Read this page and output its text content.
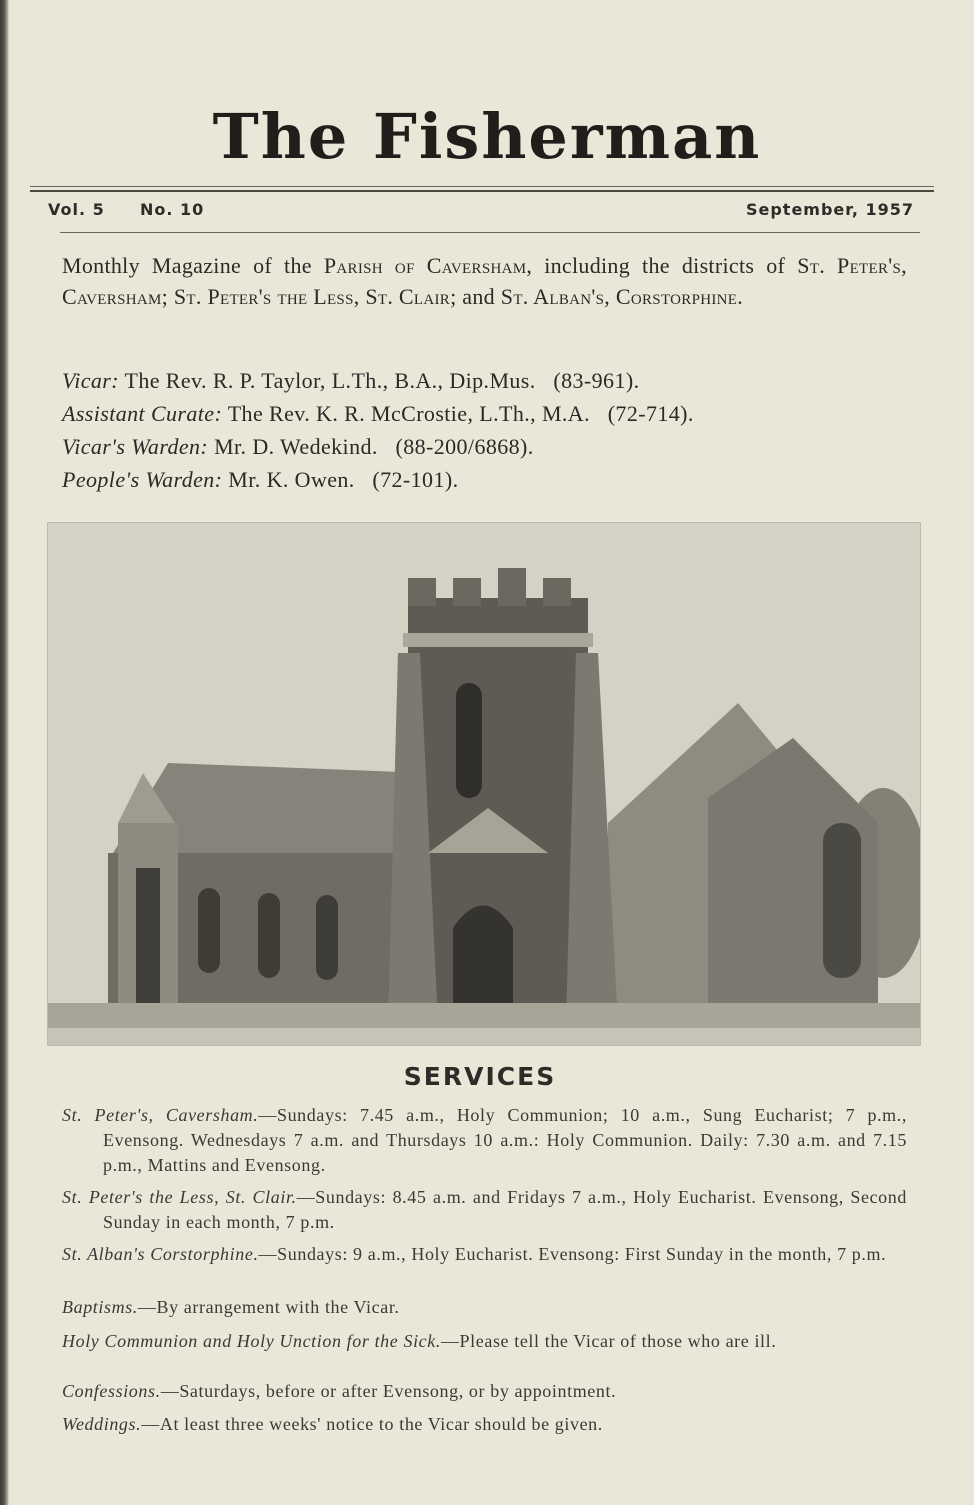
The Fisherman
Vol. 5 No. 10	September, 1957
Monthly Magazine of the Parish of Caversham, including the districts of St. Peter's, Caversham; St. Peter's the Less, St. Clair; and St. Alban's, Corstorphine.
Vicar: The Rev. R. P. Taylor, L.Th., B.A., Dip.Mus. (83-961).
Assistant Curate: The Rev. K. R. McCrostie, L.Th., M.A. (72-714).
Vicar's Warden: Mr. D. Wedekind. (88-200/6868).
People's Warden: Mr. K. Owen. (72-101).
SERVICES

St. Peter's, Caversham.—Sundays: 7.45 a.m., Holy Communion; 10 a.m., Sung Eucharist; 7 p.m., Evensong. Wednesdays 7 a.m. and Thursdays 10 a.m.: Holy Communion. Daily: 7.30 a.m. and 7.15 p.m., Mattins and Evensong.

St. Peter's the Less, St. Clair.—Sundays: 8.45 a.m. and Fridays 7 a.m., Holy Eucharist. Evensong, Second Sunday in each month, 7 p.m.

St. Alban's Corstorphine.—Sundays: 9 a.m., Holy Eucharist. Evensong: First Sunday in the month, 7 p.m.

Baptisms.—By arrangement with the Vicar.
Holy Communion and Holy Unction for the Sick.—Please tell the Vicar of those who are ill.
Confessions.—Saturdays, before or after Evensong, or by appointment.
Weddings.—At least three weeks' notice to the Vicar should be given.
